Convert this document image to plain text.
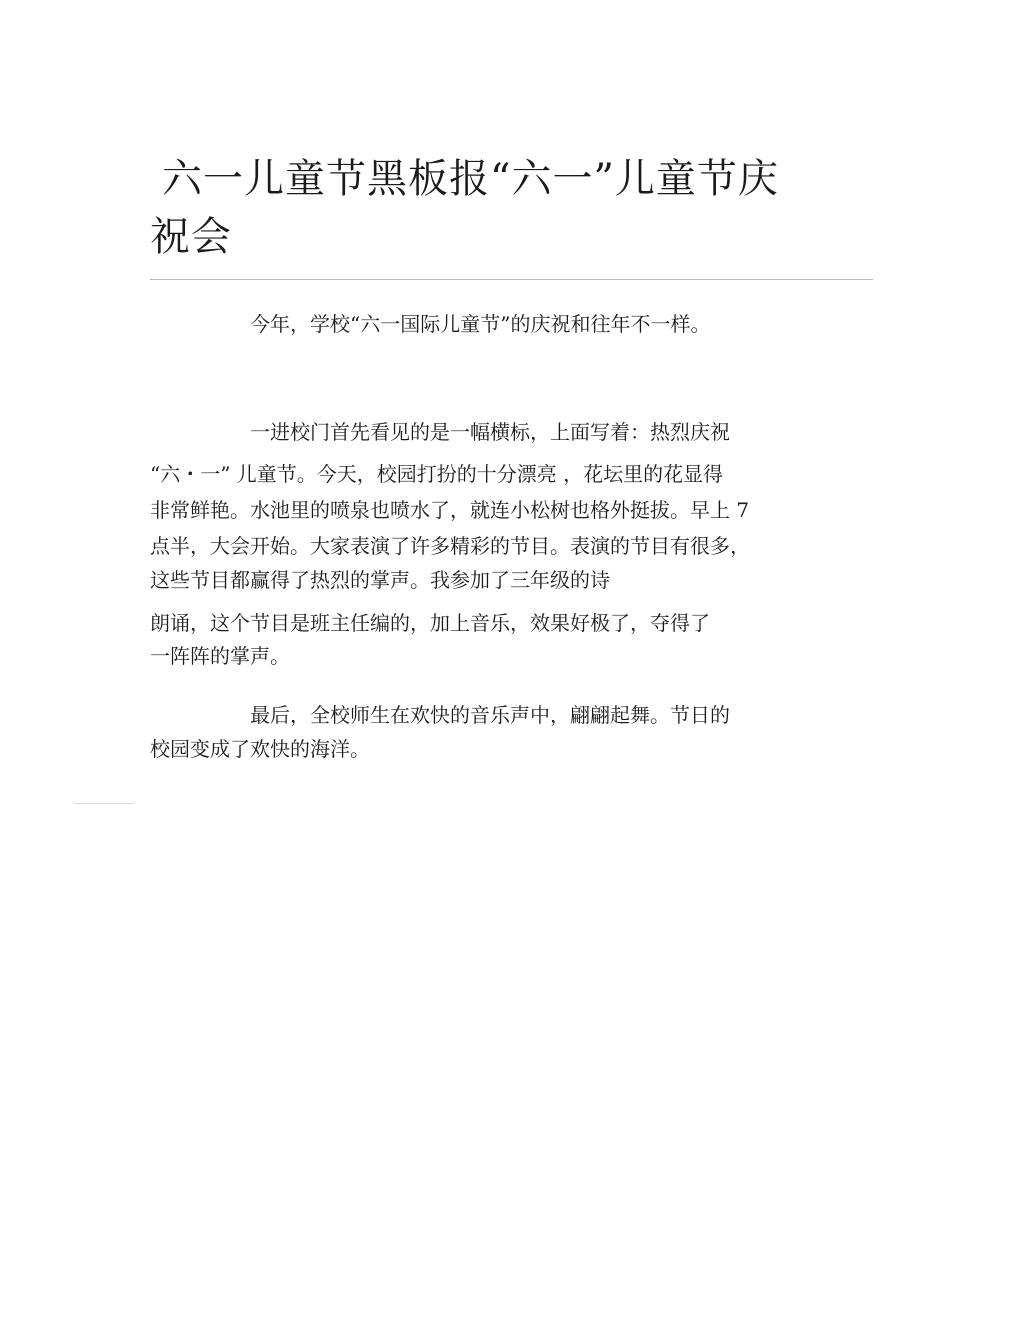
六一儿童节黑板报“六一”儿童节庆
祝会

今年，学校“六一国际儿童节”的庆祝和往年不一样。

一进校门首先看见的是一幅横标，上面写着：热烈庆祝

“六・一” 儿童节。今天，校园打扮的十分漂亮 ，花坛里的花显得

非常鲜艳。水池里的喷泉也喷水了，就连小松树也格外挺拔。早上 7

点半，大会开始。大家表演了许多精彩的节目。表演的节目有很多，

这些节目都赢得了热烈的掌声。我参加了三年级的诗

朗诵，这个节目是班主任编的，加上音乐，效果好极了，夺得了

一阵阵的掌声。

最后，全校师生在欢快的音乐声中，翩翩起舞。节日的

校园变成了欢快的海洋。
